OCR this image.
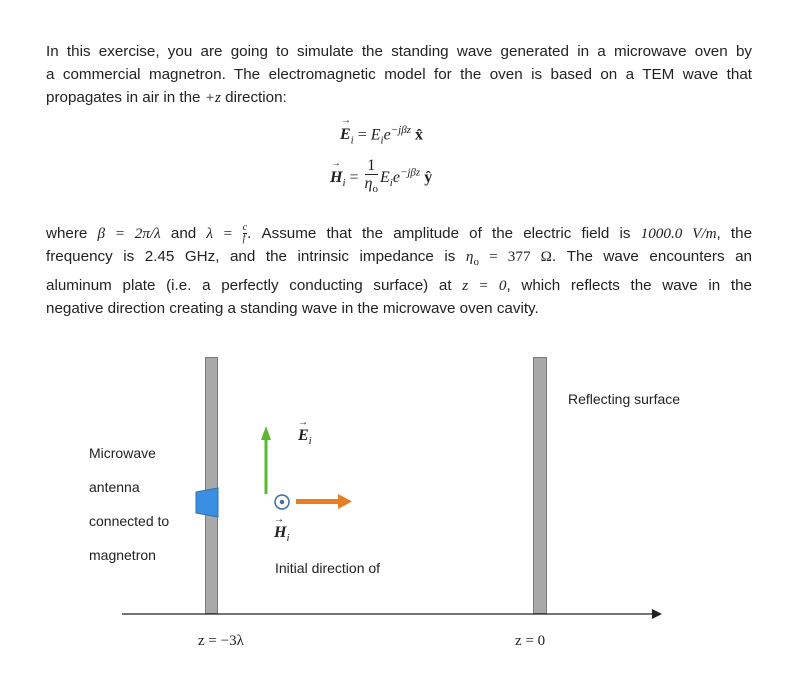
In this exercise, you are going to simulate the standing wave generated in a microwave oven by
a commercial magnetron. The electromagnetic model for the oven is based on a TEM wave that
propagates in air in the +z direction:
→ $E_i = E_ie^{-j\beta z}$ x̂
→ $H_i = \frac{1}{\eta_o} E_ie^{-j\beta z}$ ŷ
where β = 2π/λ and $\lambda = \frac{c}{f}$ . Assume that the amplitude of the electric field is 1000.0 V/m, the
frequency is 2.45 GHz, and the intrinsic impedance is $\eta_o = 377$ Ω. The wave encounters an
aluminum plate (i.e. a perfectly conducting surface) at z = 0, which reflects the wave in the
negative direction creating a standing wave in the microwave oven cavity.
Microwave
antenna
connected to
magnetron
Reflecting surface
→ $E_i$
→ $H_i$
Initial direction of
z = −3λ	z = 0
